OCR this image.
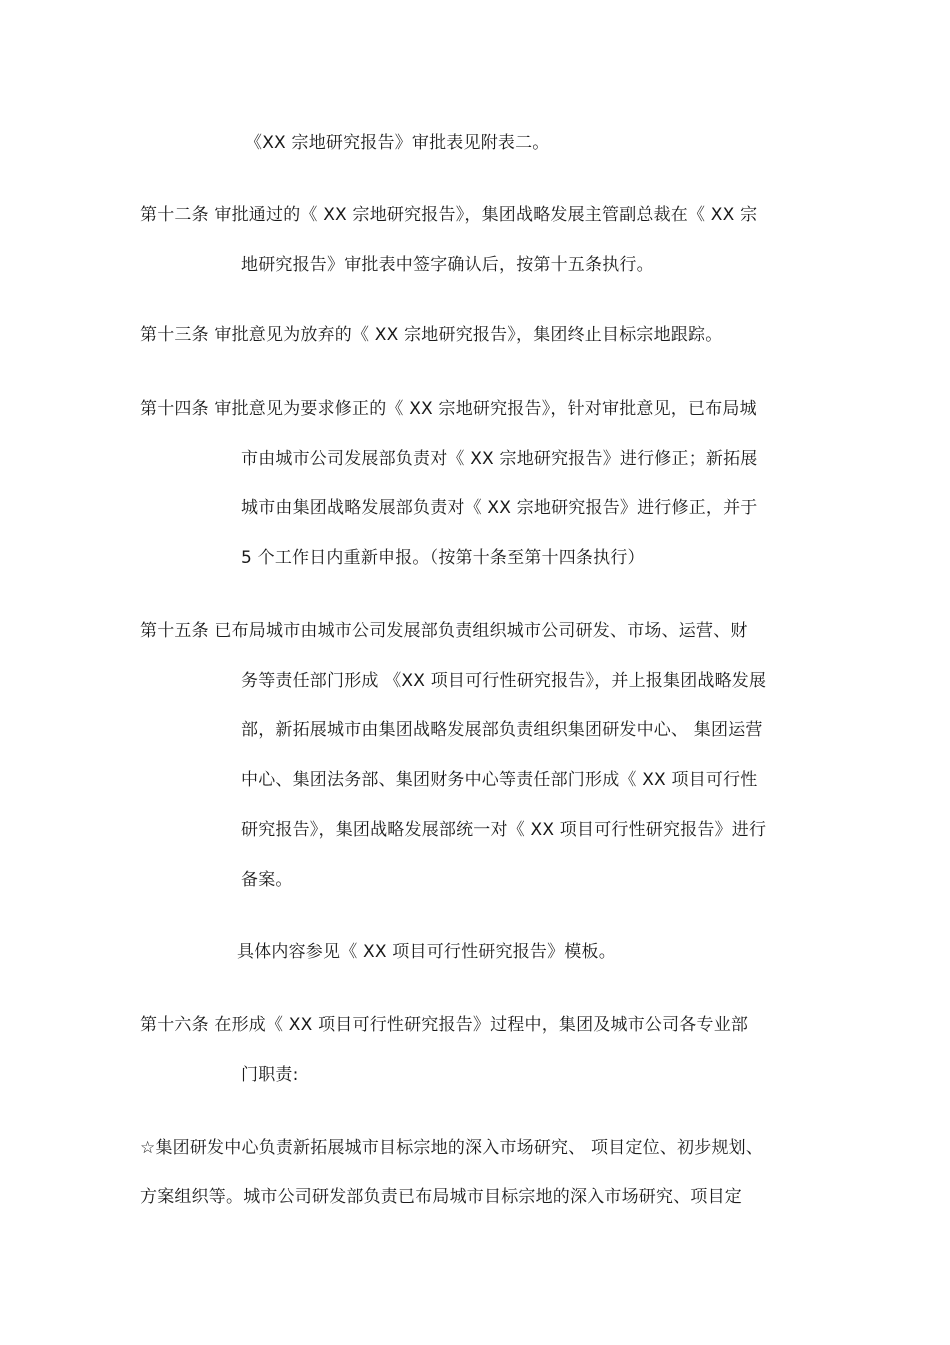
《XX 宗地研究报告》审批表见附表二。
第十二条 审批通过的《 XX 宗地研究报告》，集团战略发展主管副总裁在《 XX 宗
地研究报告》审批表中签字确认后，按第十五条执行。
第十三条 审批意见为放弃的《 XX 宗地研究报告》，集团终止目标宗地跟踪。
第十四条 审批意见为要求修正的《 XX 宗地研究报告》，针对审批意见，已布局城
市由城市公司发展部负责对《 XX 宗地研究报告》进行修正；新拓展
城市由集团战略发展部负责对《 XX 宗地研究报告》进行修正，并于
5 个工作日内重新申报。（按第十条至第十四条执行）
第十五条 已布局城市由城市公司发展部负责组织城市公司研发、市场、运营、财
务等责任部门形成 《XX 项目可行性研究报告》，并上报集团战略发展
部，新拓展城市由集团战略发展部负责组织集团研发中心、 集团运营
中心、集团法务部、集团财务中心等责任部门形成《 XX 项目可行性
研究报告》，集团战略发展部统一对《 XX 项目可行性研究报告》进行
备案。
具体内容参见《 XX 项目可行性研究报告》模板。
第十六条 在形成《 XX 项目可行性研究报告》过程中，集团及城市公司各专业部
门职责:
☆集团研发中心负责新拓展城市目标宗地的深入市场研究、 项目定位、初步规划、
方案组织等。城市公司研发部负责已布局城市目标宗地的深入市场研究、项目定
